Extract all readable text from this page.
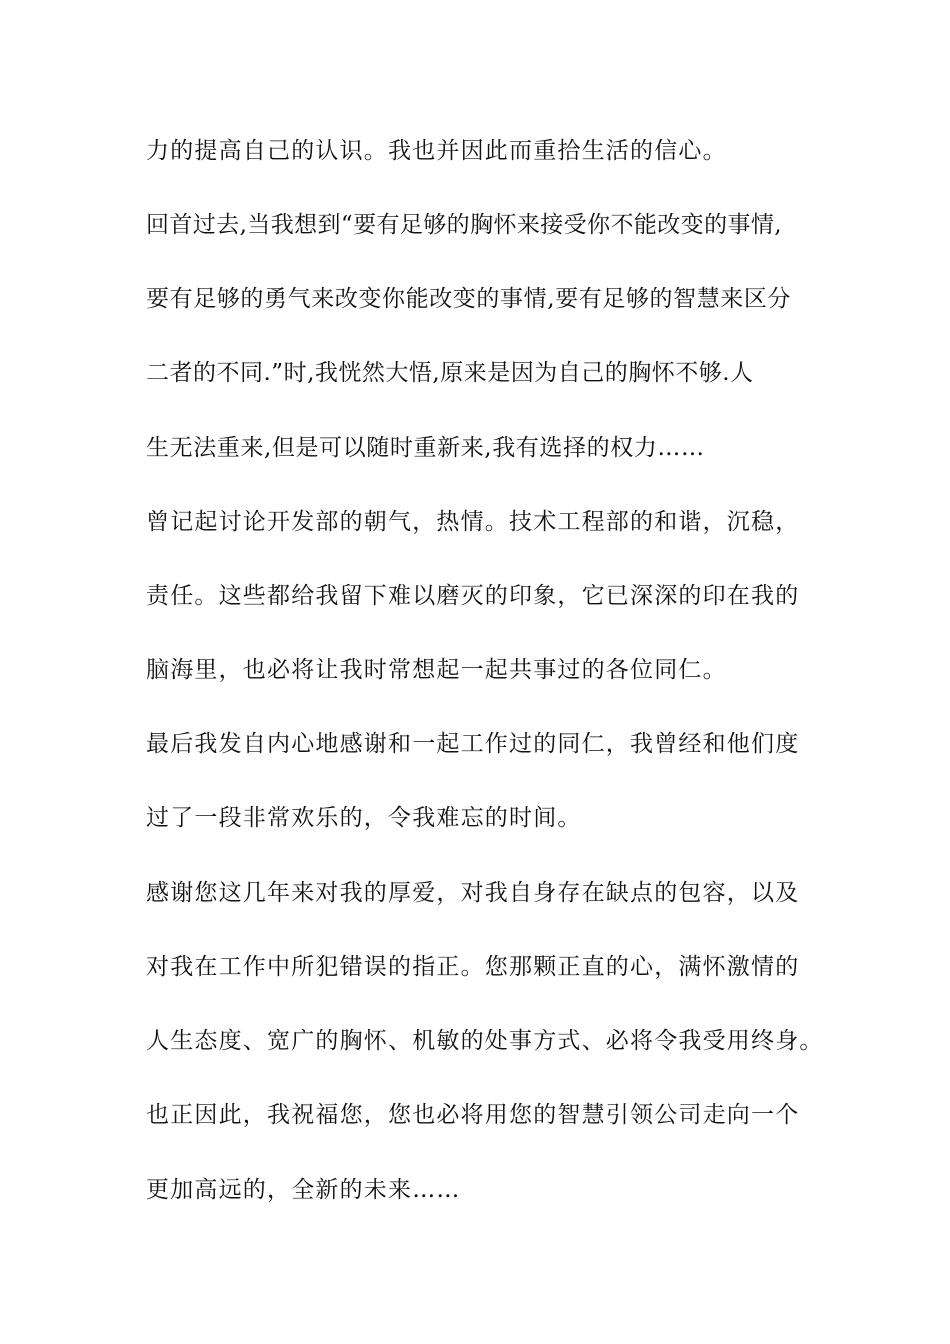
力的提高自己的认识。我也并因此而重拾生活的信心。
回首过去,当我想到“要有足够的胸怀来接受你不能改变的事情,
要有足够的勇气来改变你能改变的事情,要有足够的智慧来区分
二者的不同.”时,我恍然大悟,原来是因为自己的胸怀不够.人
生无法重来,但是可以随时重新来,我有选择的权力……
曾记起讨论开发部的朝气，热情。技术工程部的和谐，沉稳，
责任。这些都给我留下难以磨灭的印象，它已深深的印在我的
脑海里，也必将让我时常想起一起共事过的各位同仁。
最后我发自内心地感谢和一起工作过的同仁，我曾经和他们度
过了一段非常欢乐的，令我难忘的时间。
感谢您这几年来对我的厚爱，对我自身存在缺点的包容，以及
对我在工作中所犯错误的指正。您那颗正直的心，满怀激情的
人生态度、宽广的胸怀、机敏的处事方式、必将令我受用终身。
也正因此，我祝福您，您也必将用您的智慧引领公司走向一个
更加高远的，全新的未来……
